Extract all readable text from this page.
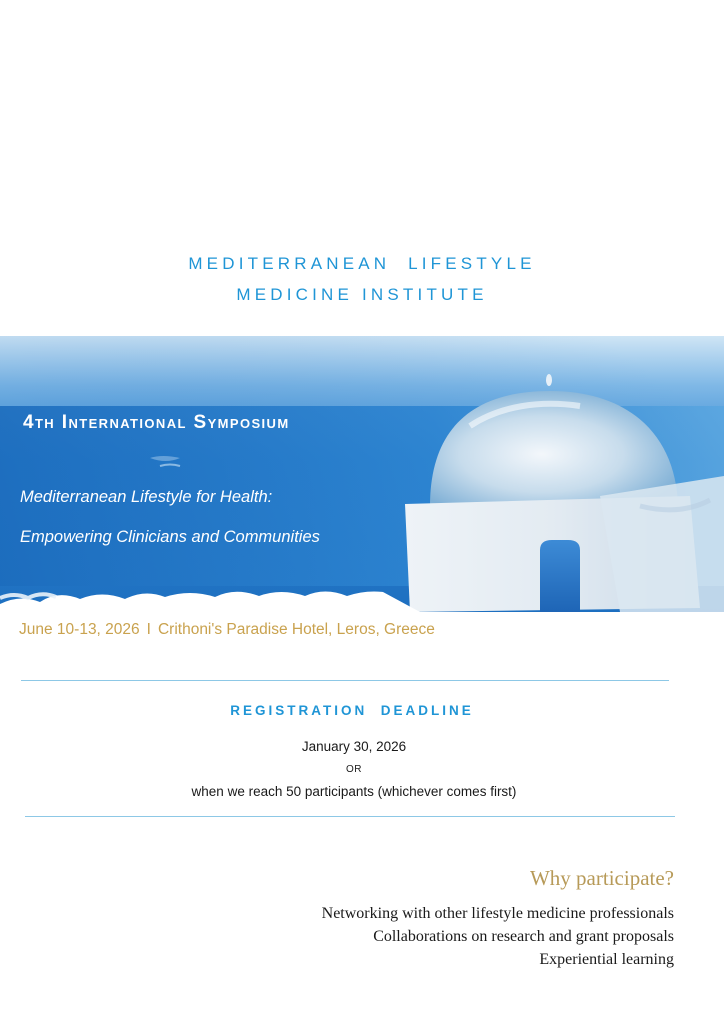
MEDITERRANEAN  LIFESTYLE
MEDICINE INSTITUTE
4th International Symposium
Mediterranean Lifestyle for Health:
Empowering Clinicians and Communities
June 10-13, 2026 I Crithoni's Paradise Hotel, Leros, Greece
REGISTRATION  DEADLINE
January 30, 2026
OR
when we reach 50 participants (whichever comes first)
Why participate?
Networking with other lifestyle medicine professionals
Collaborations on research and grant proposals
Experiential learning
